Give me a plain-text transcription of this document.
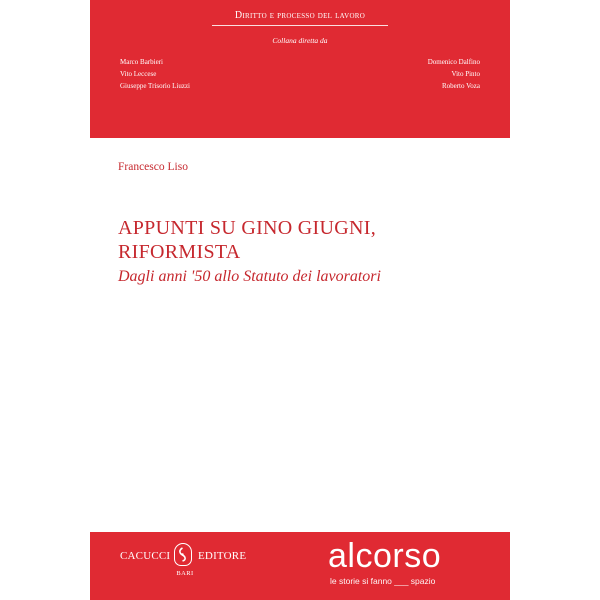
Diritto e processo del lavoro
Collana diretta da
Marco Barbieri
Vito Leccese
Giuseppe Trisorio Liuzzi
Domenico Dalfino
Vito Pinto
Roberto Voza
Francesco Liso
APPUNTI SU GINO GIUGNI,
RIFORMISTA
Dagli anni '50 allo Statuto dei lavoratori
CACUCCI	EDITORE
BARI	alcorso
le storie si fanno ___ spazio
